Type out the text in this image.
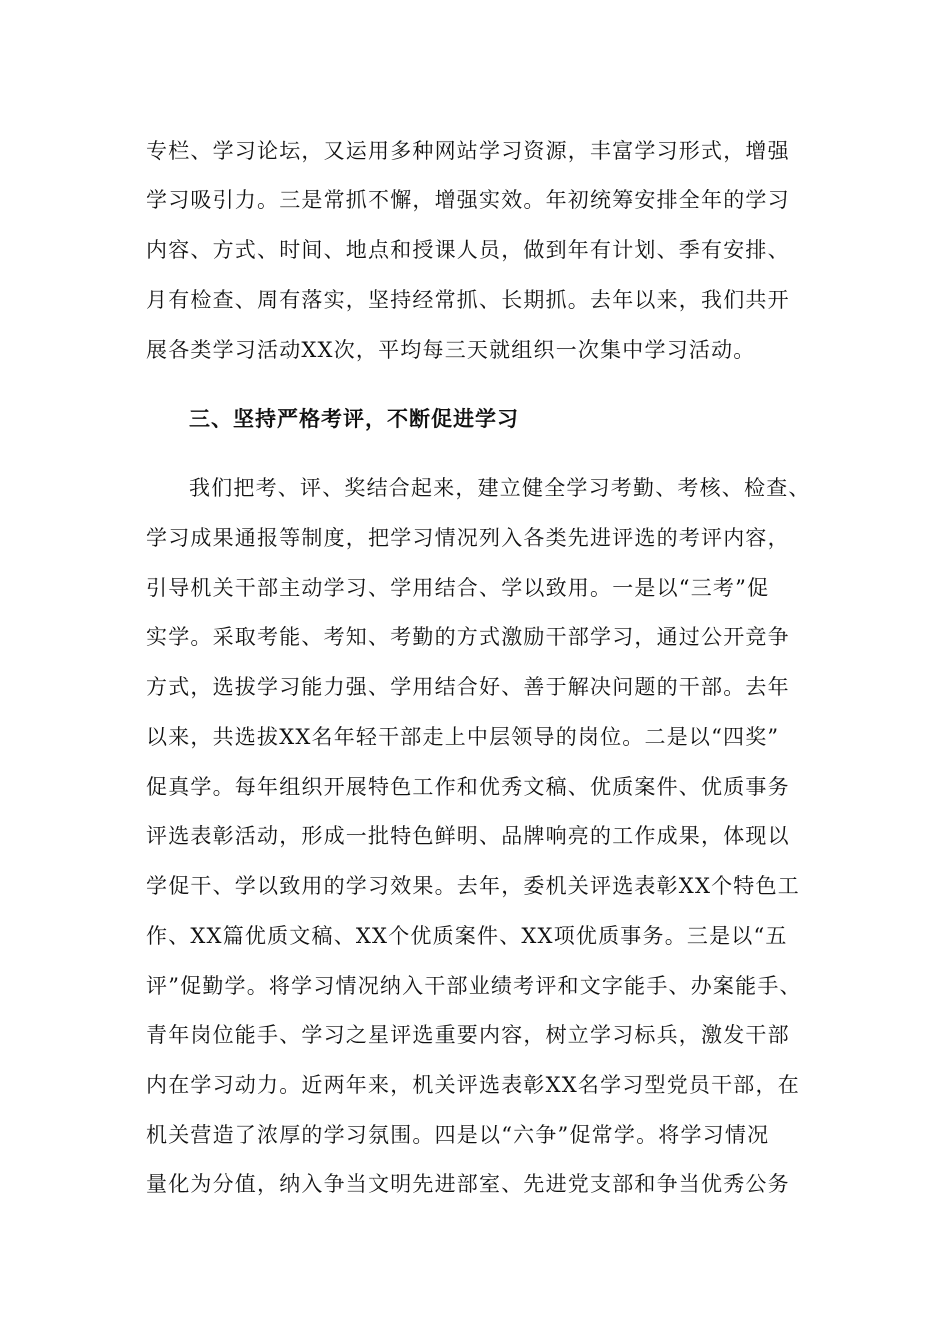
专栏、学习论坛，又运用多种网站学习资源，丰富学习形式，增强
学习吸引力。三是常抓不懈，增强实效。年初统筹安排全年的学习
内容、方式、时间、地点和授课人员，做到年有计划、季有安排、
月有检查、周有落实，坚持经常抓、长期抓。去年以来，我们共开
展各类学习活动XX次，平均每三天就组织一次集中学习活动。
三、坚持严格考评，不断促进学习
我们把考、评、奖结合起来，建立健全学习考勤、考核、检查、
学习成果通报等制度，把学习情况列入各类先进评选的考评内容，
引导机关干部主动学习、学用结合、学以致用。一是以“三考”促
实学。采取考能、考知、考勤的方式激励干部学习，通过公开竞争
方式，选拔学习能力强、学用结合好、善于解决问题的干部。去年
以来，共选拔XX名年轻干部走上中层领导的岗位。二是以“四奖”
促真学。每年组织开展特色工作和优秀文稿、优质案件、优质事务
评选表彰活动，形成一批特色鲜明、品牌响亮的工作成果，体现以
学促干、学以致用的学习效果。去年，委机关评选表彰XX个特色工
作、XX篇优质文稿、XX个优质案件、XX项优质事务。三是以“五
评”促勤学。将学习情况纳入干部业绩考评和文字能手、办案能手、
青年岗位能手、学习之星评选重要内容，树立学习标兵，激发干部
内在学习动力。近两年来，机关评选表彰XX名学习型党员干部，在
机关营造了浓厚的学习氛围。四是以“六争”促常学。将学习情况
量化为分值，纳入争当文明先进部室、先进党支部和争当优秀公务
